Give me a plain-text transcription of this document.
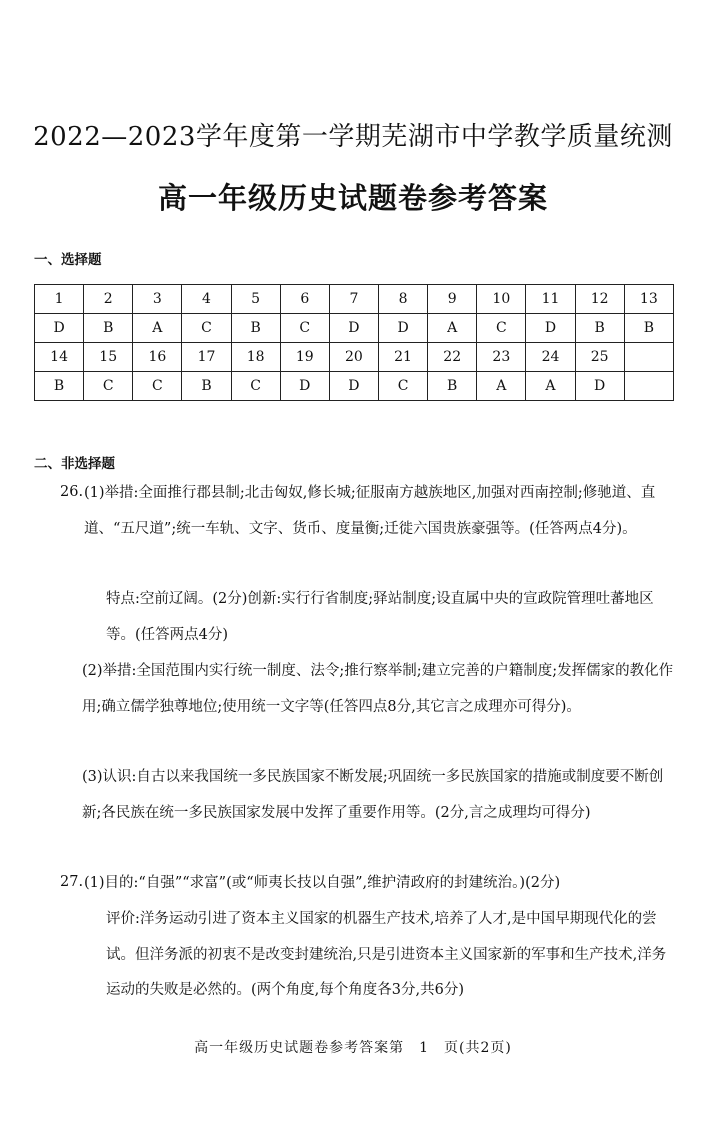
2022—2023学年度第一学期芜湖市中学教学质量统测
高一年级历史试题卷参考答案
一、选择题
1	2	3	4	5	6	7	8	9	10	11	12	13
D	B	A	C	B	C	D	D	A	C	D	B	B
14	15	16	17	18	19	20	21	22	23	24	25	
B	C	C	B	C	D	D	C	B	A	A	D	
二、非选择题
26. (1)举措:全面推行郡县制;北击匈奴,修长城;征服南方越族地区,加强对西南控制;修驰道、直道、“五尺道”;统一车轨、文字、货币、度量衡;迁徙六国贵族豪强等。(任答两点4分)。
特点:空前辽阔。(2分)创新:实行行省制度;驿站制度;设直属中央的宣政院管理吐蕃地区等。(任答两点4分)
(2)举措:全国范围内实行统一制度、法令;推行察举制;建立完善的户籍制度;发挥儒家的教化作用;确立儒学独尊地位;使用统一文字等(任答四点8分,其它言之成理亦可得分)。
(3)认识:自古以来我国统一多民族国家不断发展;巩固统一多民族国家的措施或制度要不断创新;各民族在统一多民族国家发展中发挥了重要作用等。(2分,言之成理均可得分)
27. (1)目的:“自强”“求富”(或“师夷长技以自强”,维护清政府的封建统治。)(2分)
评价:洋务运动引进了资本主义国家的机器生产技术,培养了人才,是中国早期现代化的尝试。但洋务派的初衷不是改变封建统治,只是引进资本主义国家新的军事和生产技术,洋务运动的失败是必然的。(两个角度,每个角度各3分,共6分)
高一年级历史试题卷参考答案第　1　页(共2页)
